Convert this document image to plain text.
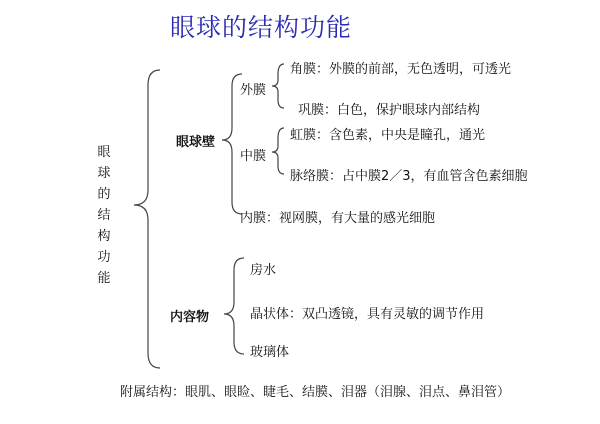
眼球的结构功能
眼球的结构功能
眼球壁
外膜
角膜：外膜的前部，无色透明，可透光
巩膜：白色，保护眼球内部结构
中膜
虹膜：含色素，中央是瞳孔，通光
脉络膜：占中膜2／3，有血管含色素细胞
内膜：视网膜，有大量的感光细胞
内容物
房水
晶状体：双凸透镜，具有灵敏的调节作用
玻璃体
附属结构：眼肌、眼睑、睫毛、结膜、泪器（泪腺、泪点、鼻泪管）
